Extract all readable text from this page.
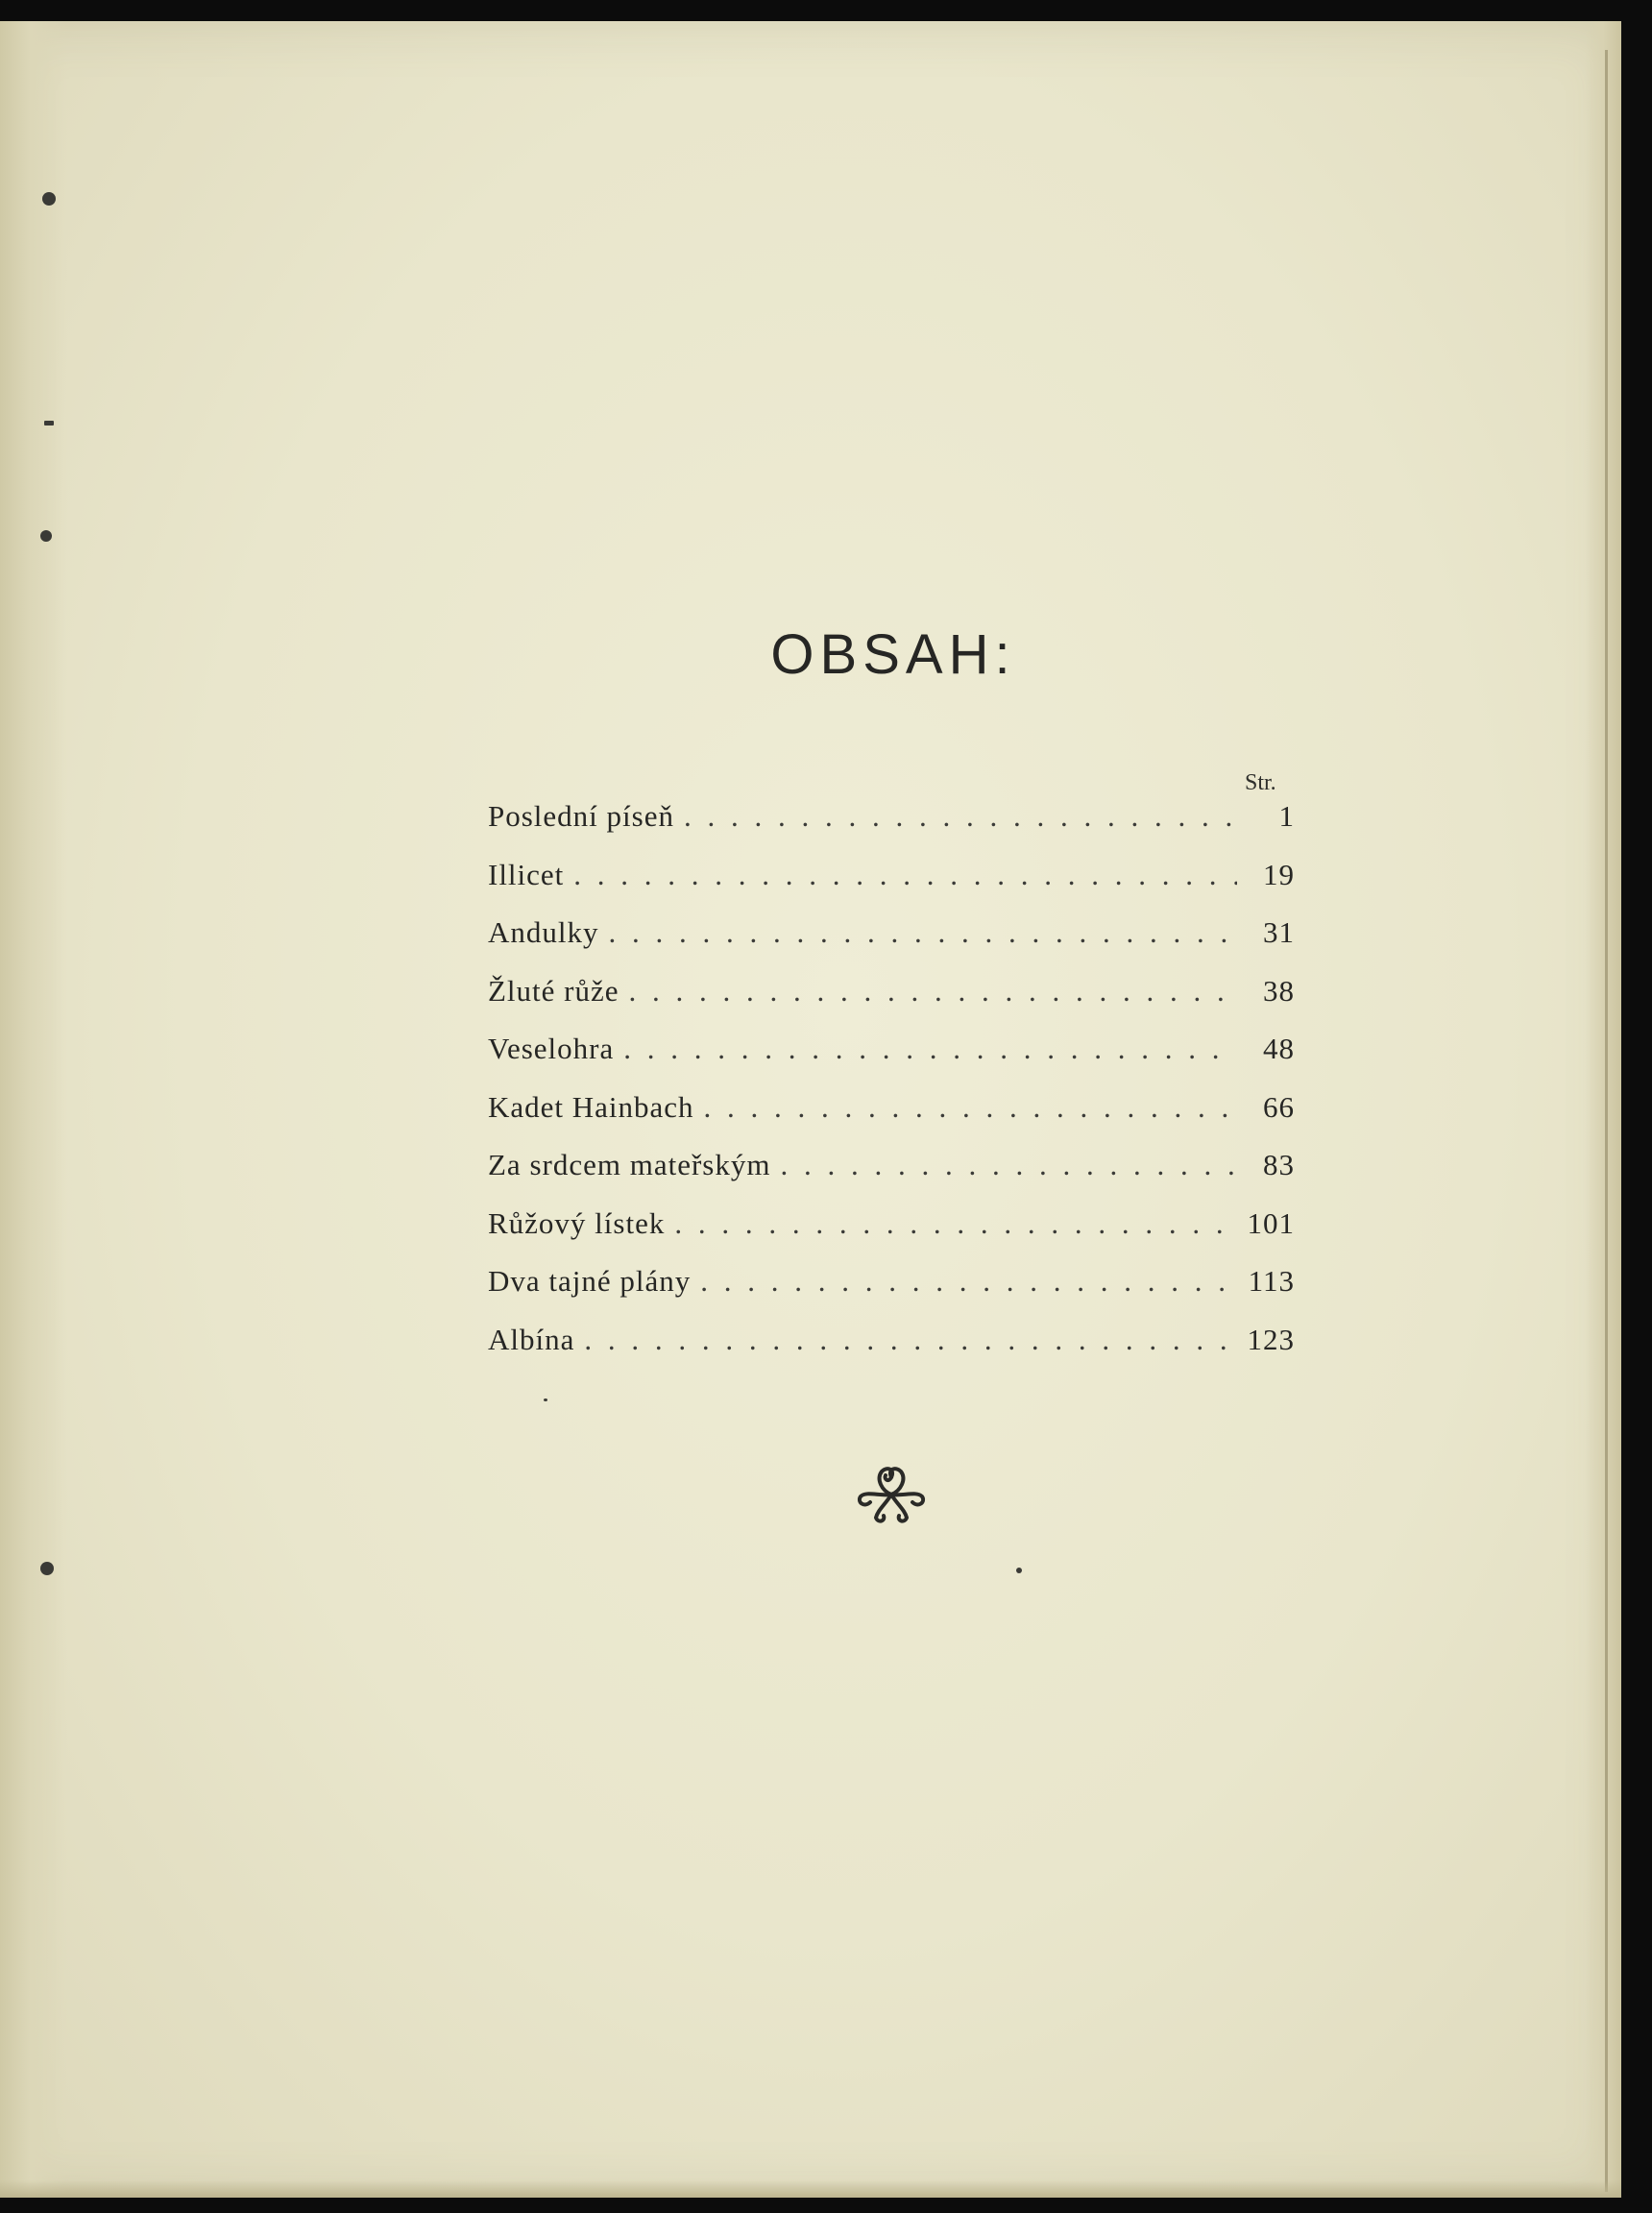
OBSAH:
Str.
Poslední píseň . . .	1
Illicet . . .	19
Andulky . . .	31
Žluté růže . . .	38
Veselohra . . .	48
Kadet Hainbach . . .	66
Za srdcem mateřským . . .	83
Růžový lístek . . .	101
Dva tajné plány . . .	113
Albína . . .	123
